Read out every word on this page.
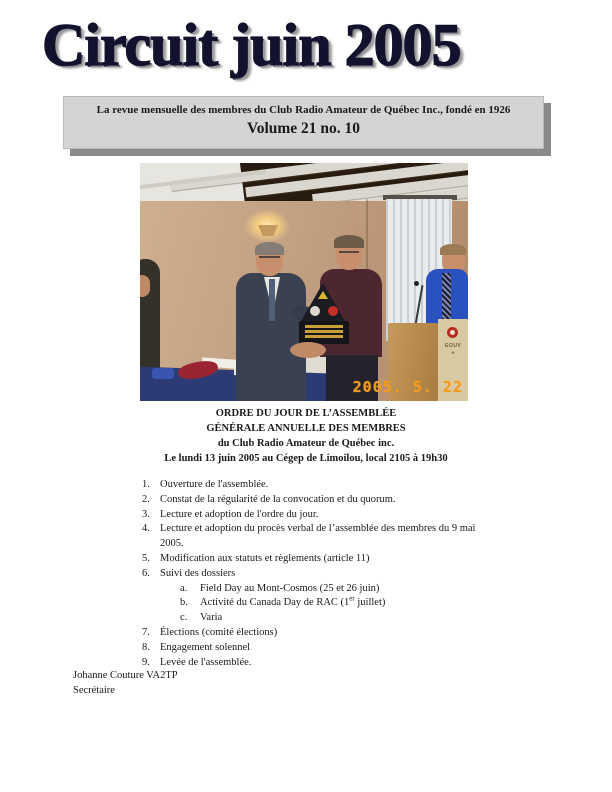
Circuit juin 2005
La revue mensuelle des membres du Club Radio Amateur de Québec Inc., fondé en 1926
Volume 21 no. 10
GOUV
H
2005. 5. 22
ORDRE DU JOUR DE L’ASSEMBLÉE
GÉNÉRALE ANNUELLE DES MEMBRES
du Club Radio Amateur de Québec inc.
Le lundi 13 juin 2005 au Cégep de Limoilou, local 2105 à 19h30
1. Ouverture de l'assemblée.
2. Constat de la régularité de la convocation et du quorum.
3. Lecture et adoption de l'ordre du jour.
4. Lecture et adoption du procès verbal de l’assemblée des membres du 9 mai
2005.
5. Modification aux statuts et règlements (article 11)
6. Suivi des dossiers
a.	Field Day au Mont-Cosmos (25 et 26 juin)
b.	Activité du Canada Day de RAC (1er juillet)
c.	Varia
7. Élections (comité élections)
8. Engagement solennel
9. Levée de l'assemblée.
Johanne Couture VA2TP
Secrétaire
